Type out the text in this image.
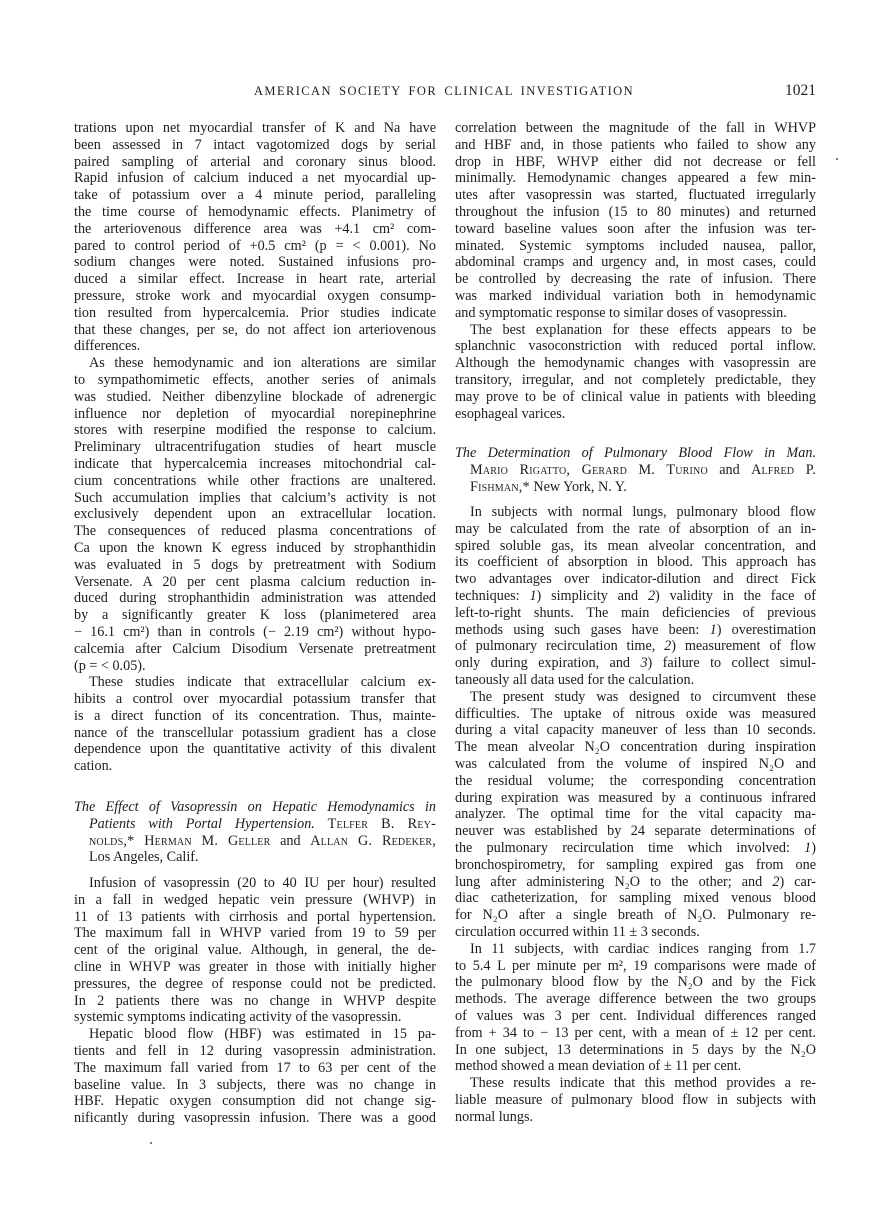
AMERICAN SOCIETY FOR CLINICAL INVESTIGATION	1021
trations upon net myocardial transfer of K and Na have
been assessed in 7 intact vagotomized dogs by serial
paired sampling of arterial and coronary sinus blood.
Rapid infusion of calcium induced a net myocardial up-
take of potassium over a 4 minute period, paralleling
the time course of hemodynamic effects. Planimetry of
the arteriovenous difference area was +4.1 cm² com-
pared to control period of +0.5 cm² (p = < 0.001). No
sodium changes were noted. Sustained infusions pro-
duced a similar effect. Increase in heart rate, arterial
pressure, stroke work and myocardial oxygen consump-
tion resulted from hypercalcemia. Prior studies indicate
that these changes, per se, do not affect ion arteriovenous
differences.
As these hemodynamic and ion alterations are similar
to sympathomimetic effects, another series of animals
was studied. Neither dibenzyline blockade of adrenergic
influence nor depletion of myocardial norepinephrine
stores with reserpine modified the response to calcium.
Preliminary ultracentrifugation studies of heart muscle
indicate that hypercalcemia increases mitochondrial cal-
cium concentrations while other fractions are unaltered.
Such accumulation implies that calcium’s activity is not
exclusively dependent upon an extracellular location.
The consequences of reduced plasma concentrations of
Ca upon the known K egress induced by strophanthidin
was evaluated in 5 dogs by pretreatment with Sodium
Versenate. A 20 per cent plasma calcium reduction in-
duced during strophanthidin administration was attended
by a significantly greater K loss (planimetered area
− 16.1 cm²) than in controls (− 2.19 cm²) without hypo-
calcemia after Calcium Disodium Versenate pretreatment
(p = < 0.05).
These studies indicate that extracellular calcium ex-
hibits a control over myocardial potassium transfer that
is a direct function of its concentration. Thus, mainte-
nance of the transcellular potassium gradient has a close
dependence upon the quantitative activity of this divalent
cation.
The Effect of Vasopressin on Hepatic Hemodynamics in
Patients with Portal Hypertension. Telfer B. Rey-
nolds,* Herman M. Geller and Allan G. Redeker,
Los Angeles, Calif.
Infusion of vasopressin (20 to 40 IU per hour) resulted
in a fall in wedged hepatic vein pressure (WHVP) in
11 of 13 patients with cirrhosis and portal hypertension.
The maximum fall in WHVP varied from 19 to 59 per
cent of the original value. Although, in general, the de-
cline in WHVP was greater in those with initially higher
pressures, the degree of response could not be predicted.
In 2 patients there was no change in WHVP despite
systemic symptoms indicating activity of the vasopressin.
Hepatic blood flow (HBF) was estimated in 15 pa-
tients and fell in 12 during vasopressin administration.
The maximum fall varied from 17 to 63 per cent of the
baseline value. In 3 subjects, there was no change in
HBF. Hepatic oxygen consumption did not change sig-
nificantly during vasopressin infusion. There was a good
correlation between the magnitude of the fall in WHVP
and HBF and, in those patients who failed to show any
drop in HBF, WHVP either did not decrease or fell
minimally. Hemodynamic changes appeared a few min-
utes after vasopressin was started, fluctuated irregularly
throughout the infusion (15 to 80 minutes) and returned
toward baseline values soon after the infusion was ter-
minated. Systemic symptoms included nausea, pallor,
abdominal cramps and urgency and, in most cases, could
be controlled by decreasing the rate of infusion. There
was marked individual variation both in hemodynamic
and symptomatic response to similar doses of vasopressin.
The best explanation for these effects appears to be
splanchnic vasoconstriction with reduced portal inflow.
Although the hemodynamic changes with vasopressin are
transitory, irregular, and not completely predictable, they
may prove to be of clinical value in patients with bleeding
esophageal varices.
The Determination of Pulmonary Blood Flow in Man.
Mario Rigatto, Gerard M. Turino and Alfred P.
Fishman,* New York, N. Y.
In subjects with normal lungs, pulmonary blood flow
may be calculated from the rate of absorption of an in-
spired soluble gas, its mean alveolar concentration, and
its coefficient of absorption in blood. This approach has
two advantages over indicator-dilution and direct Fick
techniques: 1) simplicity and 2) validity in the face of
left-to-right shunts. The main deficiencies of previous
methods using such gases have been: 1) overestimation
of pulmonary recirculation time, 2) measurement of flow
only during expiration, and 3) failure to collect simul-
taneously all data used for the calculation.
The present study was designed to circumvent these
difficulties. The uptake of nitrous oxide was measured
during a vital capacity maneuver of less than 10 seconds.
The mean alveolar N₂O concentration during inspiration
was calculated from the volume of inspired N₂O and
the residual volume; the corresponding concentration
during expiration was measured by a continuous infrared
analyzer. The optimal time for the vital capacity ma-
neuver was established by 24 separate determinations of
the pulmonary recirculation time which involved: 1)
bronchospirometry, for sampling expired gas from one
lung after administering N₂O to the other; and 2) car-
diac catheterization, for sampling mixed venous blood
for N₂O after a single breath of N₂O. Pulmonary re-
circulation occurred within 11 ± 3 seconds.
In 11 subjects, with cardiac indices ranging from 1.7
to 5.4 L per minute per m², 19 comparisons were made of
the pulmonary blood flow by the N₂O and by the Fick
methods. The average difference between the two groups
of values was 3 per cent. Individual differences ranged
from + 34 to − 13 per cent, with a mean of ± 12 per cent.
In one subject, 13 determinations in 5 days by the N₂O
method showed a mean deviation of ± 11 per cent.
These results indicate that this method provides a re-
liable measure of pulmonary blood flow in subjects with
normal lungs.
